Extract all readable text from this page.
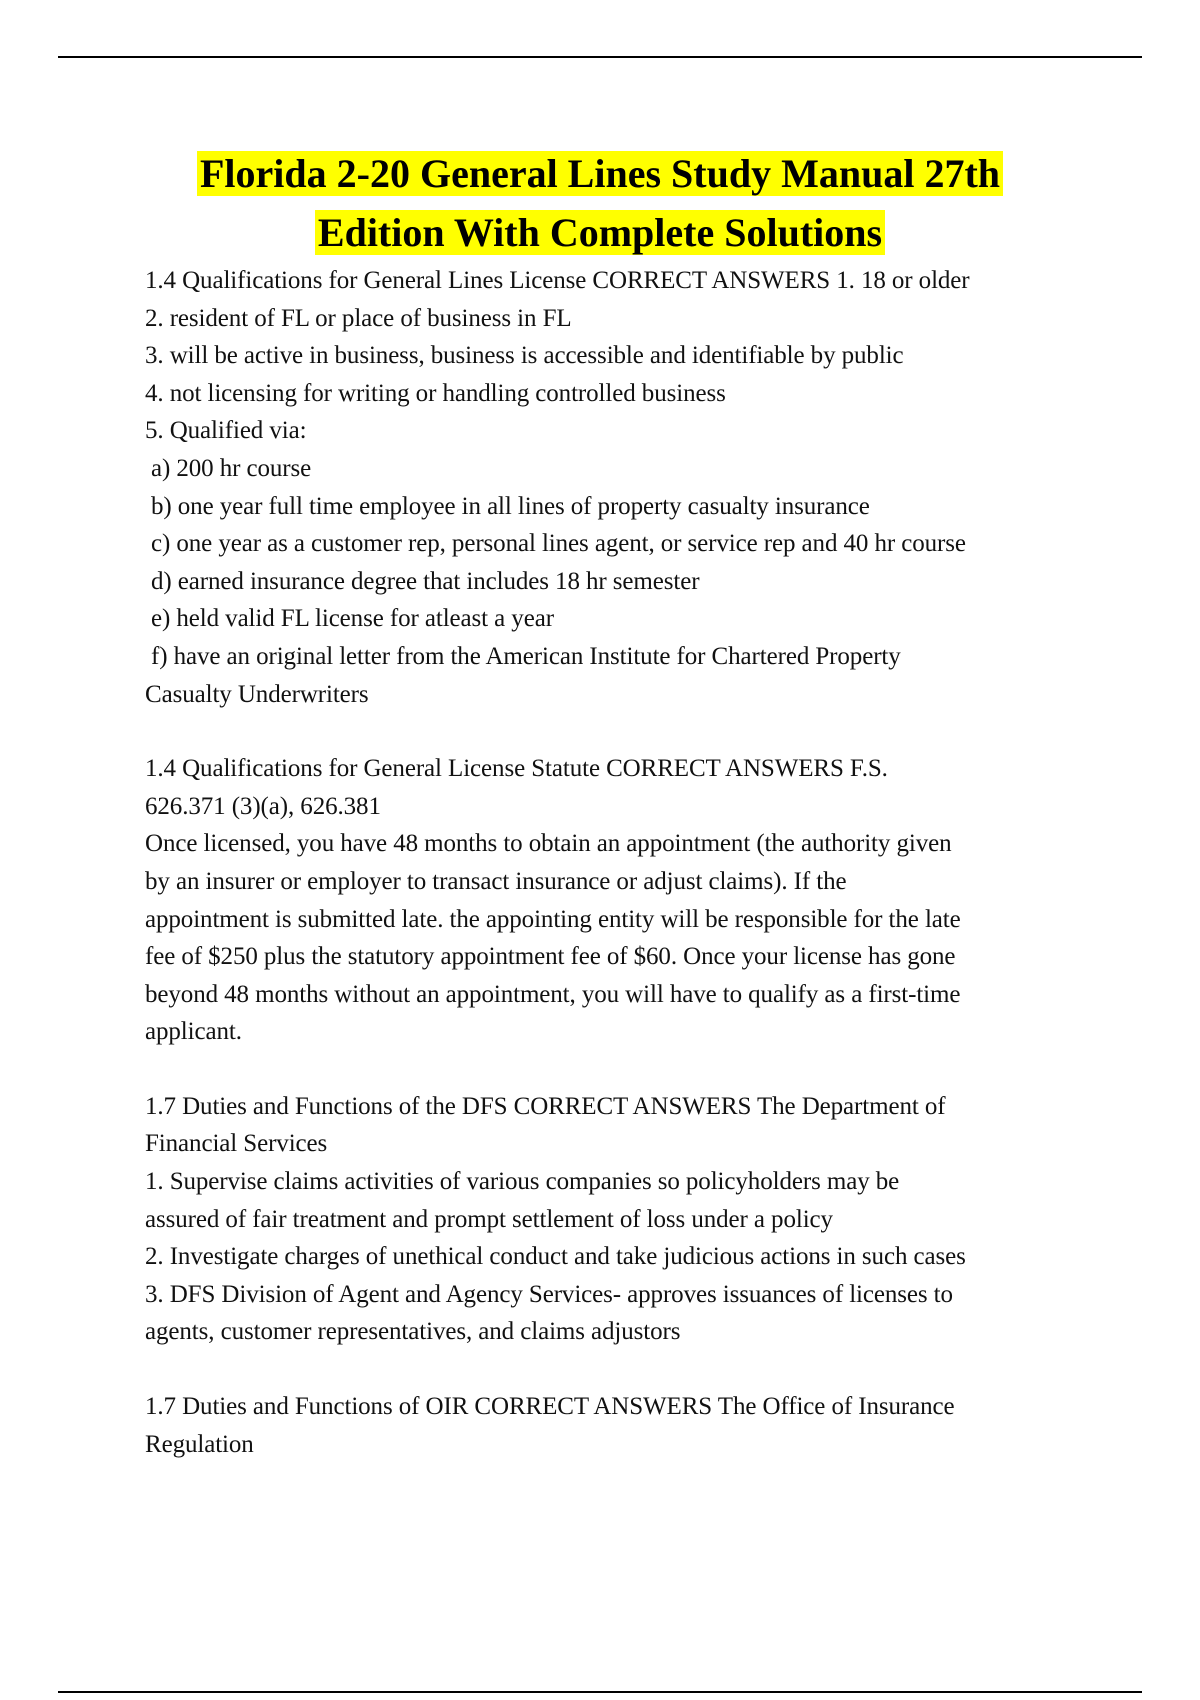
Florida 2-20 General Lines Study Manual 27th
Edition With Complete Solutions
1.4 Qualifications for General Lines License CORRECT ANSWERS 1. 18 or older
2. resident of FL or place of business in FL
3. will be active in business, business is accessible and identifiable by public
4. not licensing for writing or handling controlled business
5. Qualified via:
a) 200 hr course
b) one year full time employee in all lines of property casualty insurance
c) one year as a customer rep, personal lines agent, or service rep and 40 hr course
d) earned insurance degree that includes 18 hr semester
e) held valid FL license for atleast a year
f) have an original letter from the American Institute for Chartered Property
Casualty Underwriters
1.4 Qualifications for General License Statute CORRECT ANSWERS F.S.
626.371 (3)(a), 626.381
Once licensed, you have 48 months to obtain an appointment (the authority given
by an insurer or employer to transact insurance or adjust claims). If the
appointment is submitted late. the appointing entity will be responsible for the late
fee of $250 plus the statutory appointment fee of $60. Once your license has gone
beyond 48 months without an appointment, you will have to qualify as a first-time
applicant.
1.7 Duties and Functions of the DFS CORRECT ANSWERS The Department of
Financial Services
1. Supervise claims activities of various companies so policyholders may be
assured of fair treatment and prompt settlement of loss under a policy
2. Investigate charges of unethical conduct and take judicious actions in such cases
3. DFS Division of Agent and Agency Services- approves issuances of licenses to
agents, customer representatives, and claims adjustors
1.7 Duties and Functions of OIR CORRECT ANSWERS The Office of Insurance
Regulation
